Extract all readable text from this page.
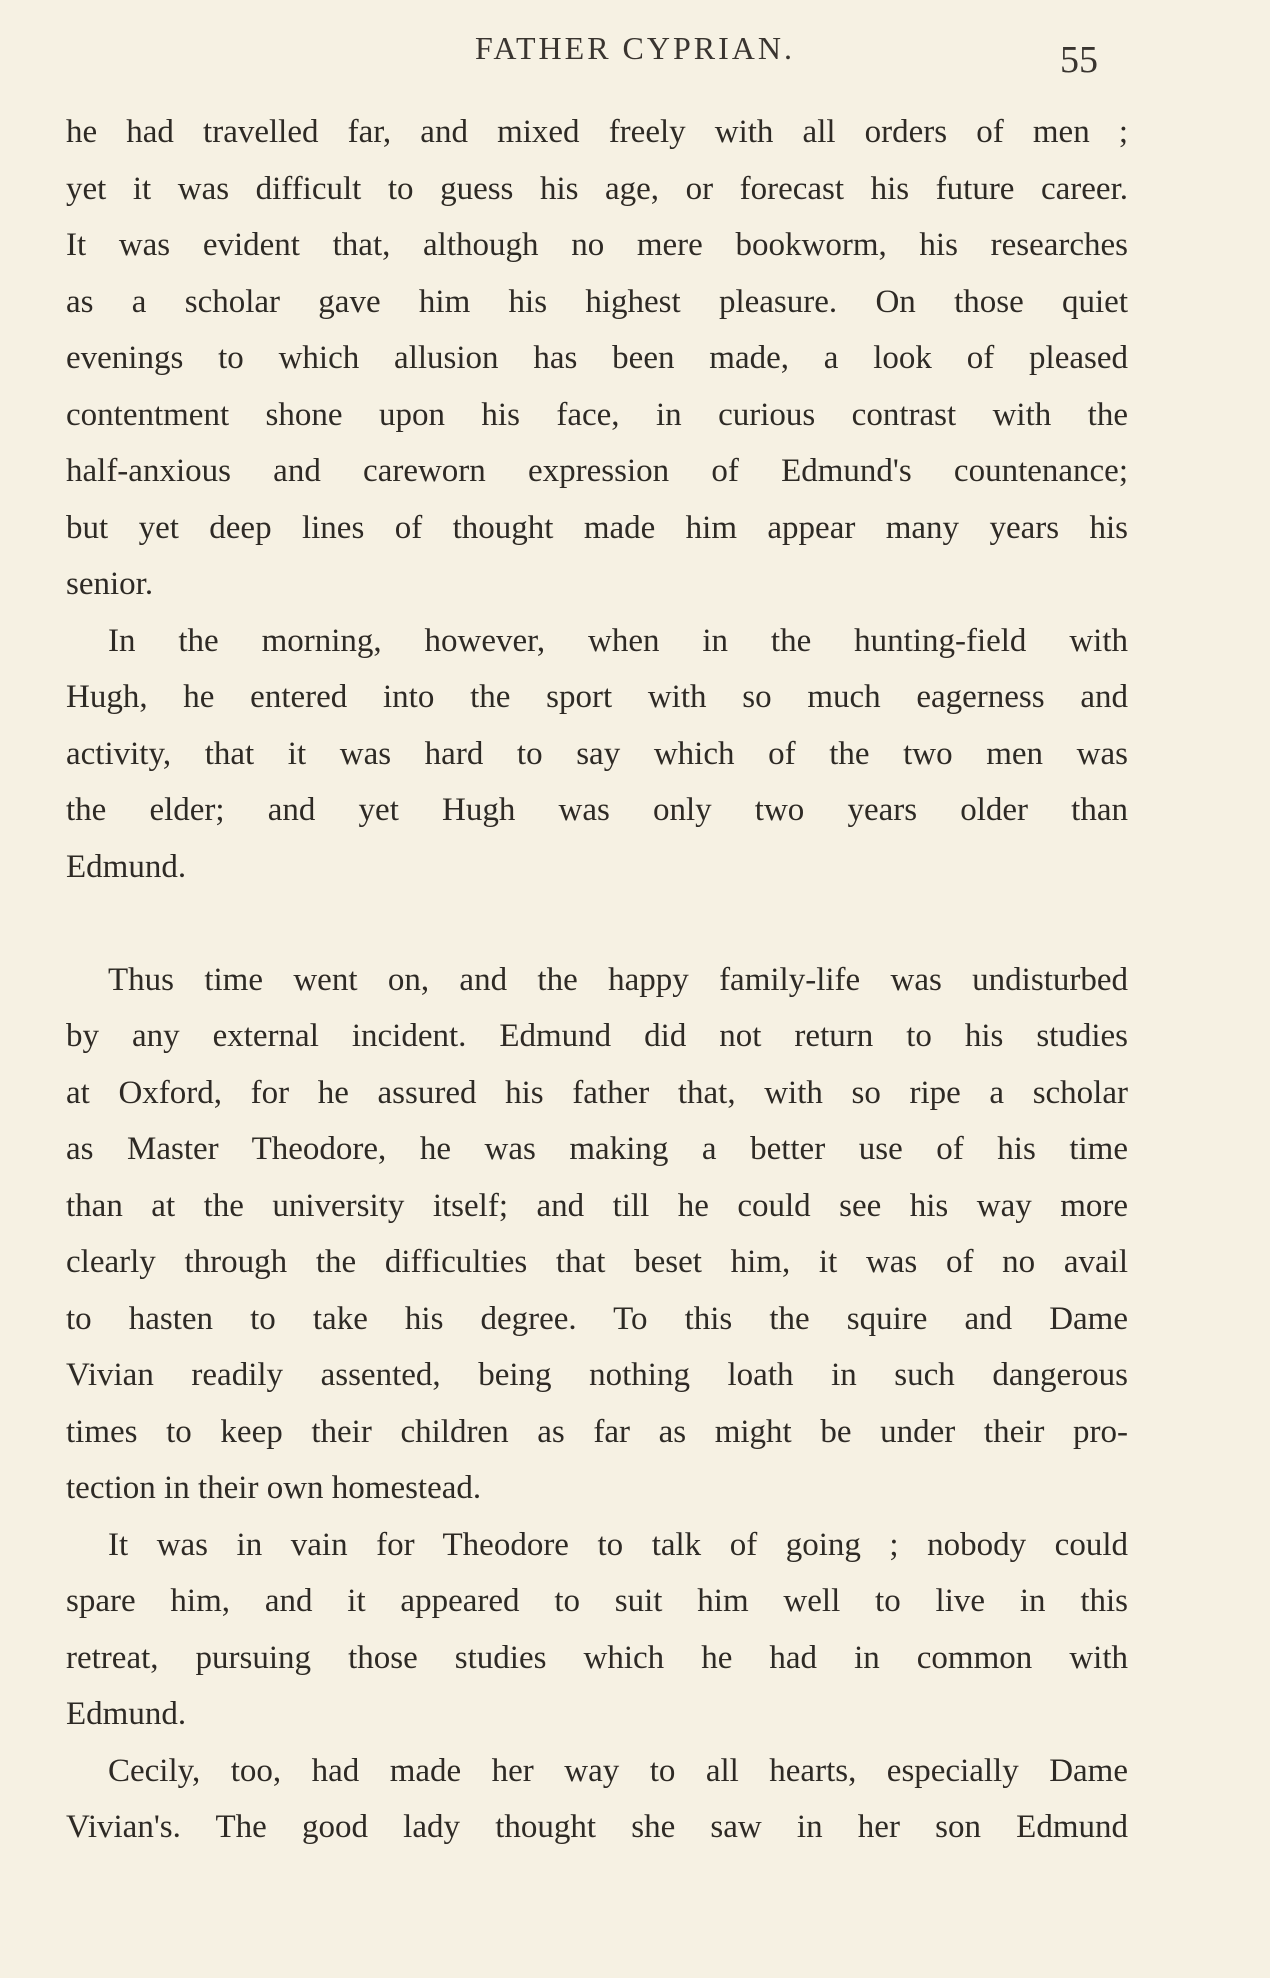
FATHER CYPRIAN.	55
he had travelled far, and mixed freely with all orders of men ;
yet it was difficult to guess his age, or forecast his future career.
It was evident that, although no mere bookworm, his researches
as a scholar gave him his highest pleasure. On those quiet
evenings to which allusion has been made, a look of pleased
contentment shone upon his face, in curious contrast with the
half-anxious and careworn expression of Edmund's countenance;
but yet deep lines of thought made him appear many years his
senior.
In the morning, however, when in the hunting-field with
Hugh, he entered into the sport with so much eagerness and
activity, that it was hard to say which of the two men was
the elder; and yet Hugh was only two years older than
Edmund.
Thus time went on, and the happy family-life was undisturbed
by any external incident. Edmund did not return to his studies
at Oxford, for he assured his father that, with so ripe a scholar
as Master Theodore, he was making a better use of his time
than at the university itself; and till he could see his way more
clearly through the difficulties that beset him, it was of no avail
to hasten to take his degree. To this the squire and Dame
Vivian readily assented, being nothing loath in such dangerous
times to keep their children as far as might be under their pro-
tection in their own homestead.
It was in vain for Theodore to talk of going ; nobody could
spare him, and it appeared to suit him well to live in this
retreat, pursuing those studies which he had in common with
Edmund.
Cecily, too, had made her way to all hearts, especially Dame
Vivian's. The good lady thought she saw in her son Edmund
